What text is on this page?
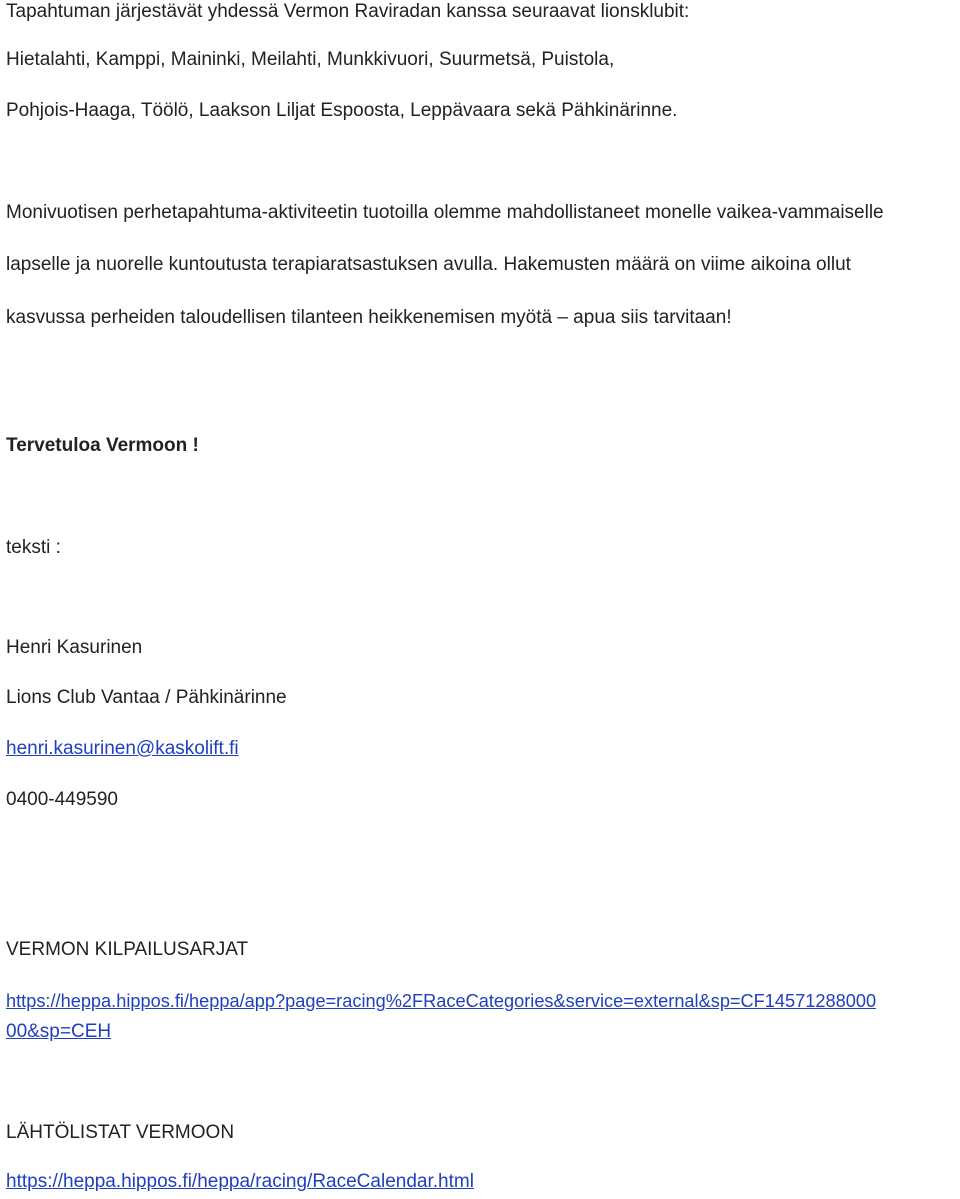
Tapahtuman järjestävät yhdessä Vermon Raviradan kanssa seuraavat lionsklubit:
Hietalahti, Kamppi, Maininki, Meilahti, Munkkivuori, Suurmetsä, Puistola,
Pohjois-Haaga, Töölö, Laakson Liljat Espoosta, Leppävaara sekä Pähkinärinne.
Monivuotisen perhetapahtuma-aktiviteetin tuotoilla olemme mahdollistaneet monelle vaikea-vammaiselle
lapselle ja nuorelle kuntoutusta terapiaratsastuksen avulla. Hakemusten määrä on viime aikoina ollut
kasvussa perheiden taloudellisen tilanteen heikkenemisen myötä – apua siis tarvitaan!
Tervetuloa Vermoon !
teksti :
Henri Kasurinen
Lions Club Vantaa / Pähkinärinne
henri.kasurinen@kaskolift.fi
0400-449590
VERMON KILPAILUSARJAT
https://heppa.hippos.fi/heppa/app?page=racing%2FRaceCategories&service=external&sp=CF14571288000
00&sp=CEH
LÄHTÖLISTAT VERMOON
https://heppa.hippos.fi/heppa/racing/RaceCalendar.html
